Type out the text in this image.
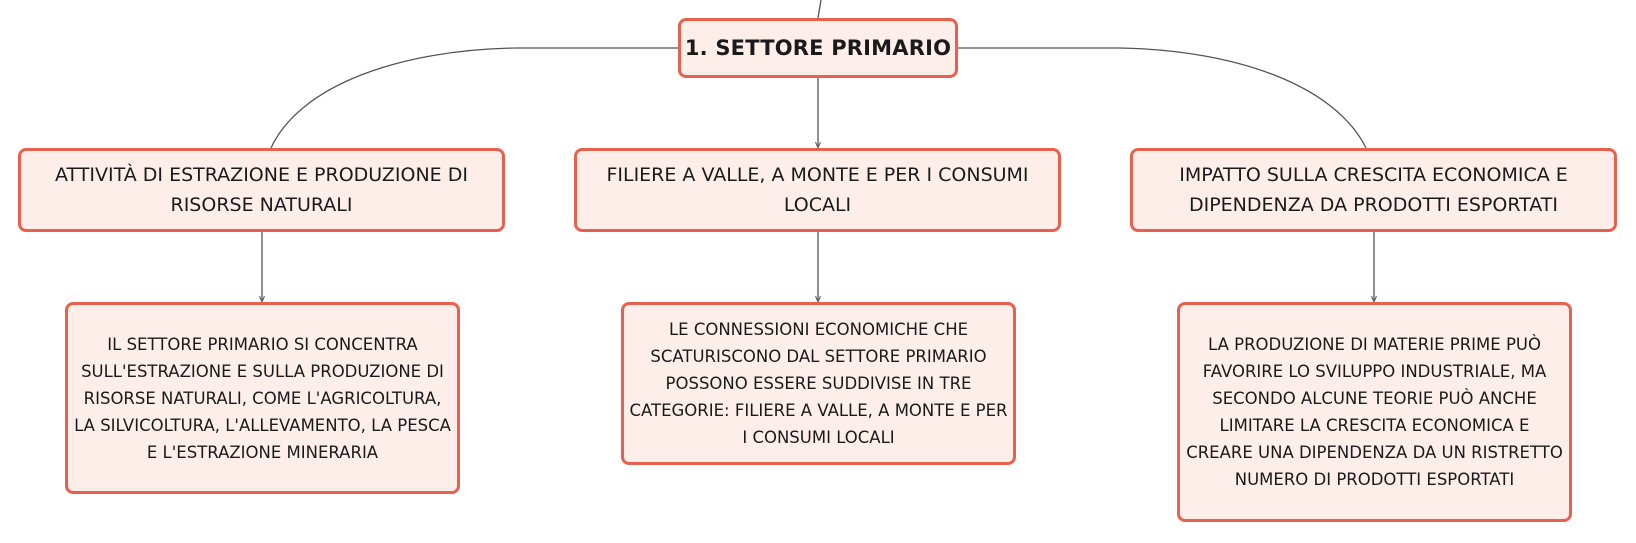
1. SETTORE PRIMARIO
ATTIVITÀ DI ESTRAZIONE E PRODUZIONE DI RISORSE NATURALI
FILIERE A VALLE, A MONTE E PER I CONSUMI LOCALI
IMPATTO SULLA CRESCITA ECONOMICA E DIPENDENZA DA PRODOTTI ESPORTATI
IL SETTORE PRIMARIO SI CONCENTRA SULL'ESTRAZIONE E SULLA PRODUZIONE DI RISORSE NATURALI, COME L'AGRICOLTURA, LA SILVICOLTURA, L'ALLEVAMENTO, LA PESCA E L'ESTRAZIONE MINERARIA
LE CONNESSIONI ECONOMICHE CHE SCATURISCONO DAL SETTORE PRIMARIO POSSONO ESSERE SUDDIVISE IN TRE CATEGORIE: FILIERE A VALLE, A MONTE E PER I CONSUMI LOCALI
LA PRODUZIONE DI MATERIE PRIME PUÒ FAVORIRE LO SVILUPPO INDUSTRIALE, MA SECONDO ALCUNE TEORIE PUÒ ANCHE LIMITARE LA CRESCITA ECONOMICA E CREARE UNA DIPENDENZA DA UN RISTRETTO NUMERO DI PRODOTTI ESPORTATI
